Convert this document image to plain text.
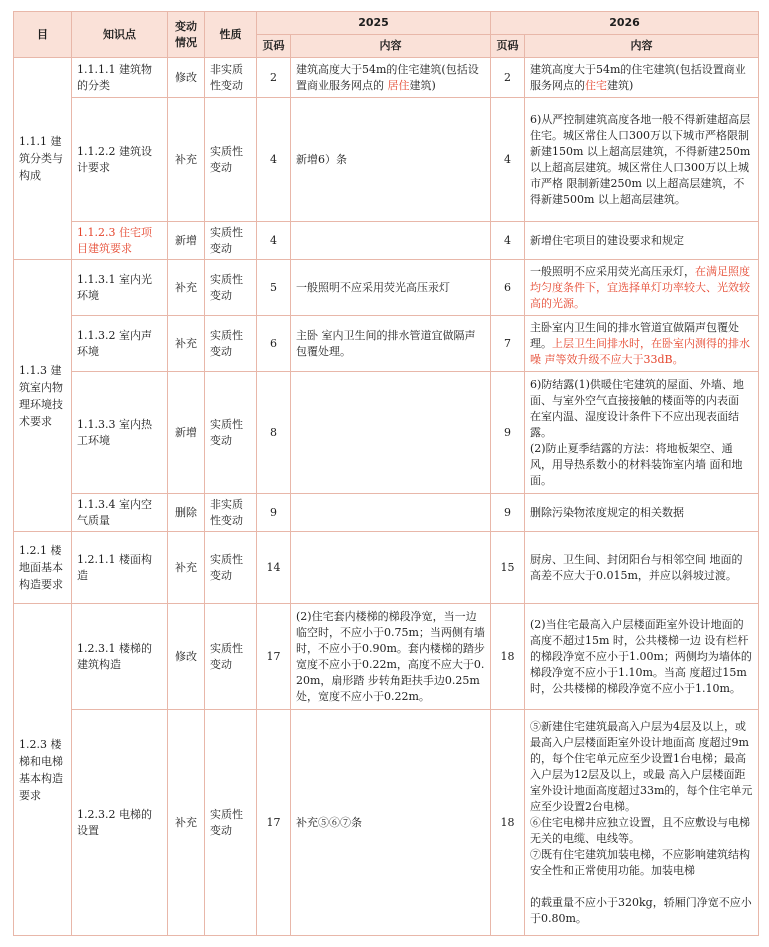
目	知识点	变动情况	性质	2025		2026	
				页码	内容	页码	内容
1.1.1 建筑分类与构成	1.1.1.1 建筑物的分类	修改	非实质性变动	2	建筑高度大于54m的住宅建筑(包括设置商业服务网点的 居住建筑)	2	建筑高度大于54m的住宅建筑(包括设置商业服务网点的住宅建筑)
	1.1.2.2 建筑设计要求	补充	实质性变动	4	新增6）条	4	6)从严控制建筑高度各地一般不得新建超高层住宅。城区常住人口300万以下城市严格限制新建150m 以上超高层建筑，不得新建250m 以上超高层建筑。城区常住人口300万以上城市严格 限制新建250m 以上超高层建筑，不得新建500m 以上超高层建筑。
	1.1.2.3 住宅项目建筑要求	新增	实质性变动	4		4	新增住宅项目的建设要求和规定
1.1.3 建筑室内物理环境技术要求	1.1.3.1 室内光环境	补充	实质性变动	5	一般照明不应采用荧光高压汞灯	6	一般照明不应采用荧光高压汞灯，在满足照度均匀度条件下，宜选择单灯功率较大、光效较高的光源。
	1.1.3.2 室内声环境	补充	实质性变动	6	主卧 室内卫生间的排水管道宜做隔声包覆处理。	7	主卧室内卫生间的排水管道宜做隔声包覆处理。上层卫生间排水时，在卧室内测得的排水噪 声等效升级不应大于33dB。
	1.1.3.3 室内热工环境	新增	实质性变动	8		9	6)防结露(1)供暖住宅建筑的屋面、外墙、地面、与室外空气直接接触的楼面等的内表面 在室内温、湿度设计条件下不应出现表面结露。
(2)防止夏季结露的方法：将地板架空、通风，用导热系数小的材料装饰室内墙 面和地面。

	1.1.3.4 室内空气质量	删除	非实质性变动	9		9	删除污染物浓度规定的相关数据
1.2.1 楼地面基本构造要求	1.2.1.1 楼面构造	补充	实质性变动	14		15	厨房、卫生间、封闭阳台与相邻空间 地面的高差不应大于0.015m，并应以斜坡过渡。
1.2.3 楼梯和电梯基本构造要求	1.2.3.1 楼梯的建筑构造	修改	实质性变动	17	(2)住宅套内楼梯的梯段净宽，当一边临空时，不应小于0.75m；当两侧有墙时，不应小于0.90m。套内楼梯的踏步宽度不应小于0.22m，高度不应大于0.20m，扇形踏 步转角距扶手边0.25m处，宽度不应小于0.22m。	18	(2)当住宅最高入户层楼面距室外设计地面的高度不超过15m 时，公共楼梯一边 设有栏杆的梯段净宽不应小于1.00m；两侧均为墙体的梯段净宽不应小于1.10m。当高 度超过15m 时，公共楼梯的梯段净宽不应小于1.10m。
	1.2.3.2 电梯的设置	补充	实质性变动	17	补充⑤⑥⑦条	18	⑤新建住宅建筑最高入户层为4层及以上，或最高入户层楼面距室外设计地面高 度超过9m 的，每个住宅单元应至少设置1台电梯；最高入户层为12层及以上，或最 高入户层楼面距室外设计地面高度超过33m的，每个住宅单元应至少设置2台电梯。
⑥住宅电梯井应独立设置，且不应敷设与电梯无关的电缆、电线等。
⑦既有住宅建筑加装电梯，不应影响建筑结构安全性和正常使用功能。加装电梯
的载重量不应小于320kg，轿厢门净宽不应小于0.80m。
